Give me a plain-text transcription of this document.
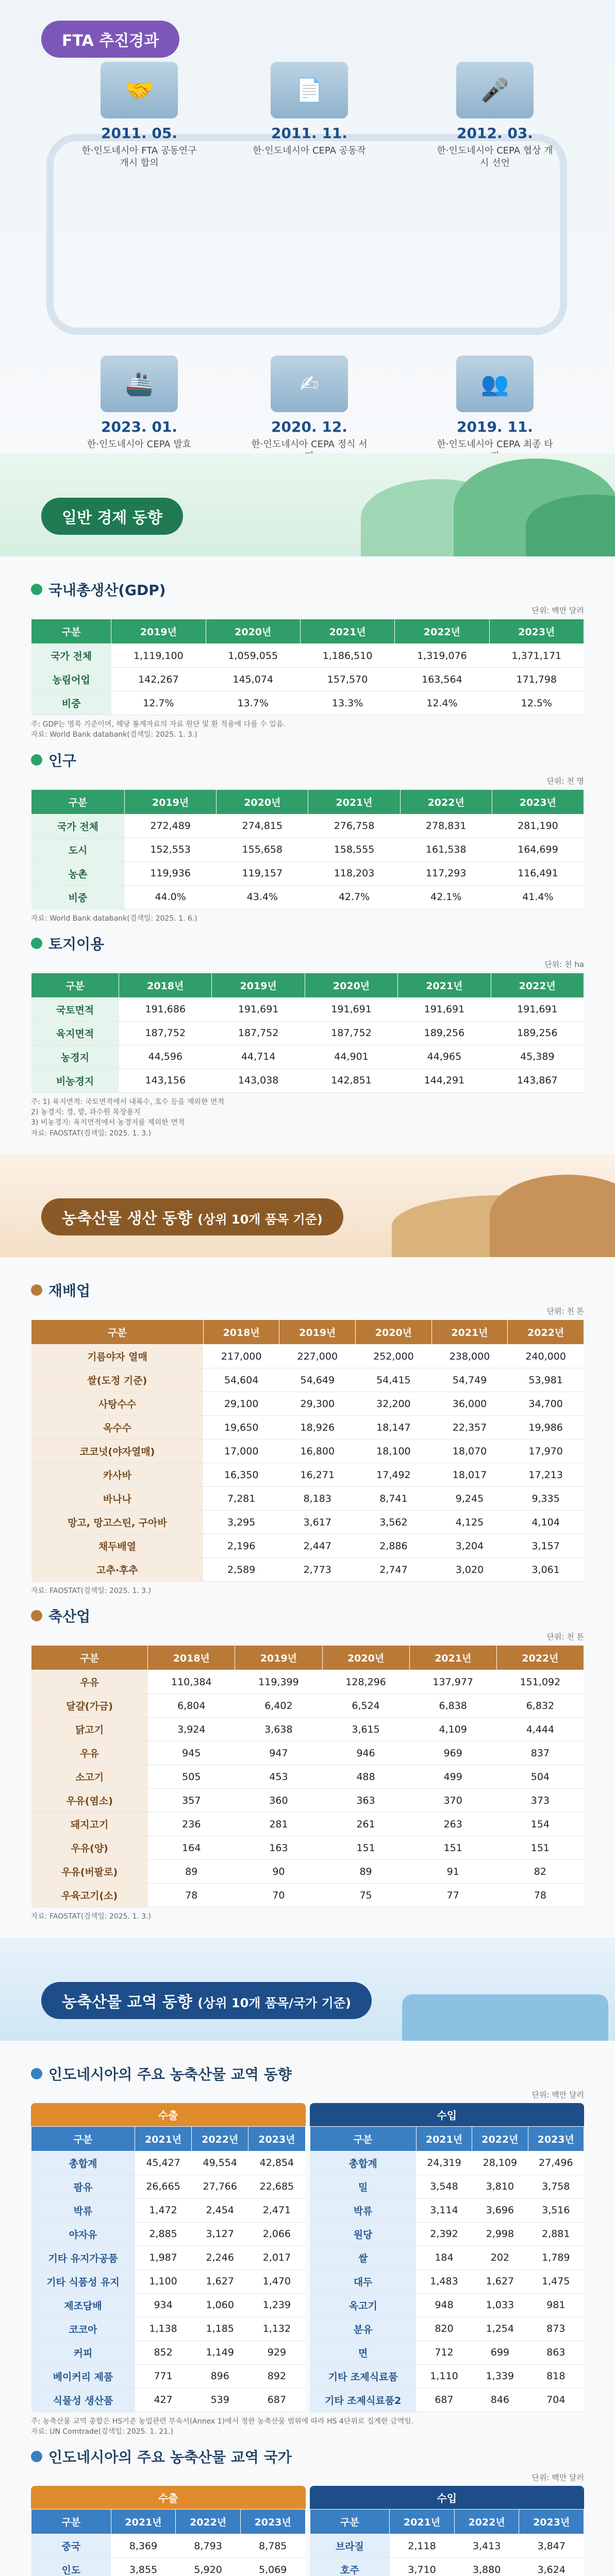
FTA 추진경과
🤝
2011. 05.
한·인도네시아 FTA 공동연구 개시 합의
📄
2011. 11.
한·인도네시아 CEPA 공동작
🎤
2012. 03.
한·인도네시아 CEPA 협상 개시 선언
🚢
2023. 01.
한·인도네시아 CEPA 발효
✍
2020. 12.
한·인도네시아 CEPA 정식 서
👥
2019. 11.
한·인도네시아 CEPA 최종 타
일반 경제 동향
국내총생산(GDP)
단위: 백만 달러
구분	2019년	2020년	2021년	2022년	2023년
국가 전체	1,119,100	1,059,055	1,186,510	1,319,076	1,371,171
농림어업	142,267	145,074	157,570	163,564	171,798
비중	12.7%	13.7%	13.3%	12.4%	12.5%
주: GDP는 명목 기준이며, 해당 통계자료의 자료 원단 및 환 적용에 다를 수 있음.
자료: World Bank databank(검색일: 2025. 1. 3.)
인구
단위: 천 명
구분	2019년	2020년	2021년	2022년	2023년
국가 전체	272,489	274,815	276,758	278,831	281,190
도시	152,553	155,658	158,555	161,538	164,699
농촌	119,936	119,157	118,203	117,293	116,491
비중	44.0%	43.4%	42.7%	42.1%	41.4%
자료: World Bank databank(검색일: 2025. 1. 6.)
토지이용
단위: 천 ha
구분	2018년	2019년	2020년	2021년	2022년
국토면적	191,686	191,691	191,691	191,691	191,691
육지면적	187,752	187,752	187,752	189,256	189,256
농경지	44,596	44,714	44,901	44,965	45,389
비농경지	143,156	143,038	142,851	144,291	143,867
주: 1) 육지면적: 국토면적에서 내륙수, 호수 등을 제외한 면적
2) 농경지: 경, 밭, 과수원 목장용지
3) 비농경지: 육지면적에서 농경지를 제외한 면적
자료: FAOSTAT(검색일: 2025. 1. 3.)
농축산물 생산 동향 (상위 10개 품목 기준)
재배업
단위: 천 톤
구분	2018년	2019년	2020년	2021년	2022년
기름야자 열매	217,000	227,000	252,000	238,000	240,000
쌀(도정 기준)	54,604	54,649	54,415	54,749	53,981
사탕수수	29,100	29,300	32,200	36,000	34,700
옥수수	19,650	18,926	18,147	22,357	19,986
코코넛(야자열매)	17,000	16,800	18,100	18,070	17,970
카사바	16,350	16,271	17,492	18,017	17,213
바나나	7,281	8,183	8,741	9,245	9,335
망고, 망고스틴, 구아바	3,295	3,617	3,562	4,125	4,104
채두배열	2,196	2,447	2,886	3,204	3,157
고추·후추	2,589	2,773	2,747	3,020	3,061
자료: FAOSTAT(검색일: 2025. 1. 3.)
축산업
단위: 천 톤
구분	2018년	2019년	2020년	2021년	2022년
우유	110,384	119,399	128,296	137,977	151,092
달걀(가금)	6,804	6,402	6,524	6,838	6,832
닭고기	3,924	3,638	3,615	4,109	4,444
우유	945	947	946	969	837
소고기	505	453	488	499	504
우유(염소)	357	360	363	370	373
돼지고기	236	281	261	263	154
우유(양)	164	163	151	151	151
우유(버팔로)	89	90	89	91	82
우육고기(소)	78	70	75	77	78
자료: FAOSTAT(검색일: 2025. 1. 3.)
농축산물 교역 동향 (상위 10개 품목/국가 기준)
인도네시아의 주요 농축산물 교역 동향
단위: 백만 달러
수출
구분	2021년	2022년	2023년
총합계	45,427	49,554	42,854
팜유	26,665	27,766	22,685
박류	1,472	2,454	2,471
야자유	2,885	3,127	2,066
기타 유지가공품	1,987	2,246	2,017
기타 식품성 유지	1,100	1,627	1,470
제조담배	934	1,060	1,239
코코아	1,138	1,185	1,132
커피	852	1,149	929
베이커리 제품	771	896	892
식물성 생산품	427	539	687
수입
구분	2021년	2022년	2023년
총합계	24,319	28,109	27,496
밀	3,548	3,810	3,758
박류	3,114	3,696	3,516
원당	2,392	2,998	2,881
쌀	184	202	1,789
대두	1,483	1,627	1,475
옥고기	948	1,033	981
분유	820	1,254	873
면	712	699	863
기타 조제식료품	1,110	1,339	818
기타 조제식료품2	687	846	704
주: 농축산물 교역 총합은 HS기준 농업관련 부속서(Annex 1)에서 정한 농축산물 범위에 따라 HS 4단위로 집계한 금액임.
자료: UN Comtrade(검색일: 2025. 1. 21.)
인도네시아의 주요 농축산물 교역 국가
단위: 백만 달러
수출
구분	2021년	2022년	2023년
중국	8,369	8,793	8,785
인도	3,855	5,920	5,069

수입
구분	2021년	2022년	2023년
브라질	2,118	3,413	3,847
호주	3,710	3,880	3,624
